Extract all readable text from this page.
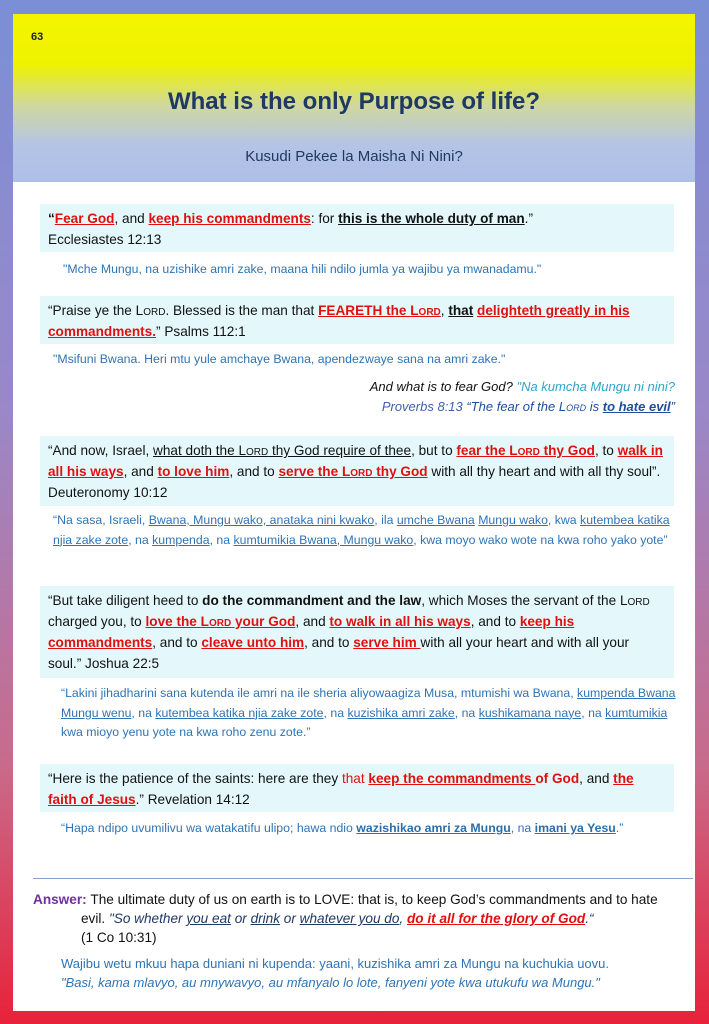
63
What is the only Purpose of life?
Kusudi Pekee la Maisha Ni Nini?
“Fear God, and keep his commandments: for this is the whole duty of man.”
Ecclesiastes 12:13
"Mche Mungu, na uzishike amri zake, maana hili ndilo jumla ya wajibu ya mwanadamu."
“Praise ye the Lord. Blessed is the man that FEARETH the Lord, that delighteth greatly in his commandments.” Psalms 112:1
"Msifuni Bwana. Heri mtu yule amchaye Bwana, apendezwaye sana na amri zake."
And what is to fear God? "Na kumcha Mungu ni nini?
Proverbs 8:13 “The fear of the Lord is to hate evil”
“And now, Israel, what doth the Lord thy God require of thee, but to fear the Lord thy God, to walk in all his ways, and to love him, and to serve the Lord thy God with all thy heart and with all thy soul”. Deuteronomy 10:12
“Na sasa, Israeli, Bwana, Mungu wako, anataka nini kwako, ila umche Bwana Mungu wako, kwa kutembea katika njia zake zote, na kumpenda, na kumtumikia Bwana, Mungu wako, kwa moyo wako wote na kwa roho yako yote”
“But take diligent heed to do the commandment and the law, which Moses the servant of the Lord charged you, to love the Lord your God, and to walk in all his ways, and to keep his commandments, and to cleave unto him, and to serve him with all your heart and with all your soul.” Joshua 22:5
“Lakini jihadharini sana kutenda ile amri na ile sheria aliyowaagiza Musa, mtumishi wa Bwana, kumpenda Bwana Mungu wenu, na kutembea katika njia zake zote, na kuzishika amri zake, na kushikamana naye, na kumtumikia kwa mioyo yenu yote na kwa roho zenu zote.”
“Here is the patience of the saints: here are they that keep the commandments of God, and the faith of Jesus.” Revelation 14:12
“Hapa ndipo uvumilivu wa watakatifu ulipo; hawa ndio wazishikao amri za Mungu, na imani ya Yesu.”
Answer: The ultimate duty of us on earth is to LOVE: that is, to keep God’s commandments and to hate evil. "So whether you eat or drink or whatever you do, do it all for the glory of God.“
(1 Co 10:31)
Wajibu wetu mkuu hapa duniani ni kupenda: yaani, kuzishika amri za Mungu na kuchukia uovu.
"Basi, kama mlavyo, au mnywavyo, au mfanyalo lo lote, fanyeni yote kwa utukufu wa Mungu."
